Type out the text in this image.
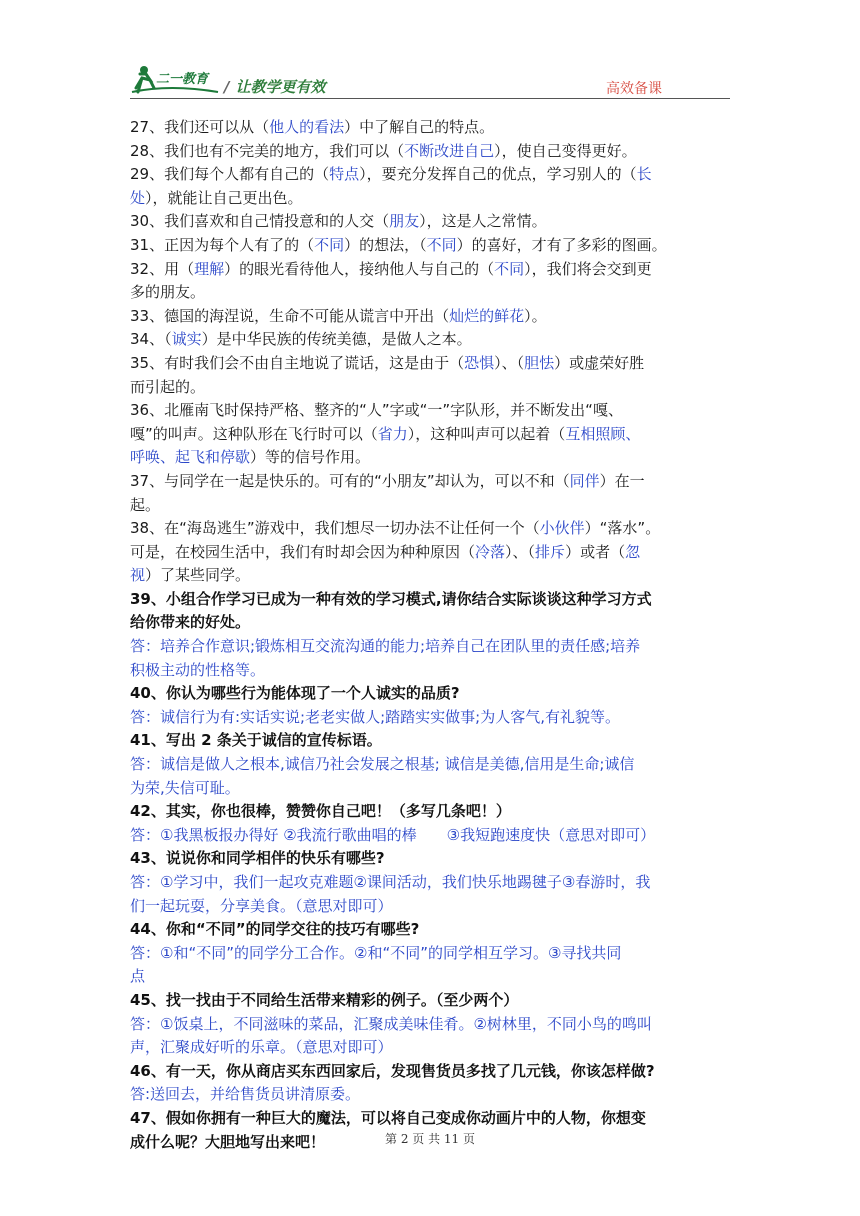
二一教育 / 让教学更有效	高效备课
27、我们还可以从（他人的看法）中了解自己的特点。
28、我们也有不完美的地方，我们可以（不断改进自己），使自己变得更好。
29、我们每个人都有自己的（特点），要充分发挥自己的优点，学习别人的（长
处），就能让自己更出色。
30、我们喜欢和自己情投意和的人交（朋友），这是人之常情。
31、正因为每个人有了的（不同）的想法，（不同）的喜好，才有了多彩的图画。
32、用（理解）的眼光看待他人，接纳他人与自己的（不同），我们将会交到更
多的朋友。
33、德国的海涅说，生命不可能从谎言中开出（灿烂的鲜花）。
34、（诚实）是中华民族的传统美德，是做人之本。
35、有时我们会不由自主地说了谎话，这是由于（恐惧）、（胆怯）或虚荣好胜
而引起的。
36、北雁南飞时保持严格、整齐的“人”字或“一”字队形，并不断发出“嘎、
嘎”的叫声。这种队形在飞行时可以（省力），这种叫声可以起着（互相照顾、
呼唤、起飞和停歇）等的信号作用。
37、与同学在一起是快乐的。可有的“小朋友”却认为，可以不和（同伴）在一
起。
38、在“海岛逃生”游戏中，我们想尽一切办法不让任何一个（小伙伴）“落水”。
可是，在校园生活中，我们有时却会因为种种原因（冷落）、（排斥）或者（忽
视）了某些同学。
39、小组合作学习已成为一种有效的学习模式,请你结合实际谈谈这种学习方式
给你带来的好处。
答：培养合作意识;锻炼相互交流沟通的能力;培养自己在团队里的责任感;培养
积极主动的性格等。
40、你认为哪些行为能体现了一个人诚实的品质?
答：诚信行为有:实话实说;老老实做人;踏踏实实做事;为人客气,有礼貌等。
41、写出 2 条关于诚信的宣传标语。
答：诚信是做人之根本,诚信乃社会发展之根基; 诚信是美德,信用是生命;诚信
为荣,失信可耻。
42、其实，你也很棒，赞赞你自己吧！（多写几条吧！）
答：①我黑板报办得好 ②我流行歌曲唱的棒　　③我短跑速度快（意思对即可）
43、说说你和同学相伴的快乐有哪些?
答：①学习中，我们一起攻克难题②课间活动，我们快乐地踢毽子③春游时，我
们一起玩耍，分享美食。（意思对即可）
44、你和“不同”的同学交往的技巧有哪些?
答：①和“不同”的同学分工合作。②和“不同”的同学相互学习。③寻找共同
点
45、找一找由于不同给生活带来精彩的例子。（至少两个）
答：①饭桌上，不同滋味的菜品，汇聚成美味佳肴。②树林里，不同小鸟的鸣叫
声，汇聚成好听的乐章。（意思对即可）
46、有一天，你从商店买东西回家后，发现售货员多找了几元钱，你该怎样做?
答:送回去，并给售货员讲清原委。
47、假如你拥有一种巨大的魔法，可以将自己变成你动画片中的人物，你想变
成什么呢？大胆地写出来吧！	第 2 页 共 11 页
